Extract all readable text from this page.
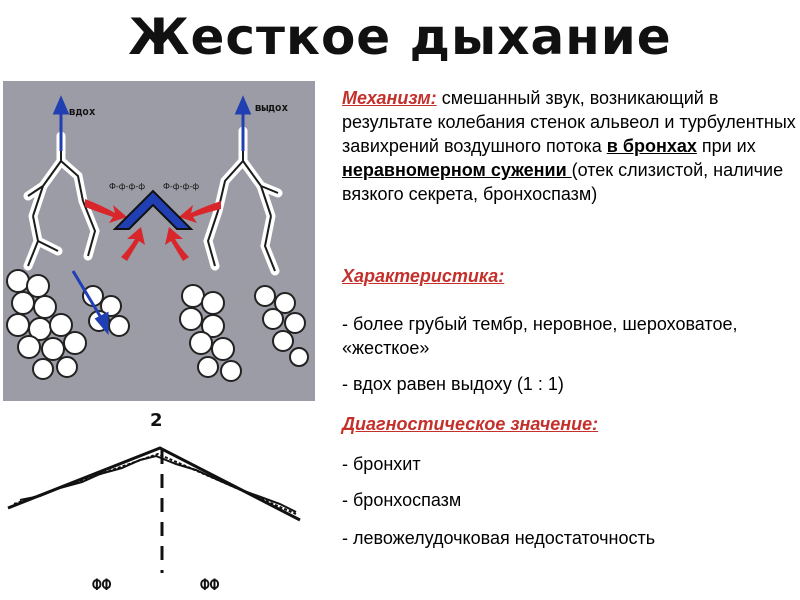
Жесткое дыхание
вдох	выдох
Ф-ф-ф-ф Ф-ф-ф-ф
2
ФФ	ФФ
Механизм: смешанный звук, возникающий в результате колебания стенок альвеол и турбулентных завихрений воздушного потока в бронхах при их неравномерном сужении (отек слизистой, наличие вязкого секрета, бронхоспазм)
Характеристика:
- более грубый тембр, неровное, шероховатое, «жесткое»
- вдох равен выдоху (1 : 1)
Диагностическое значение:
- бронхит
- бронхоспазм
- левожелудочковая недостаточность
